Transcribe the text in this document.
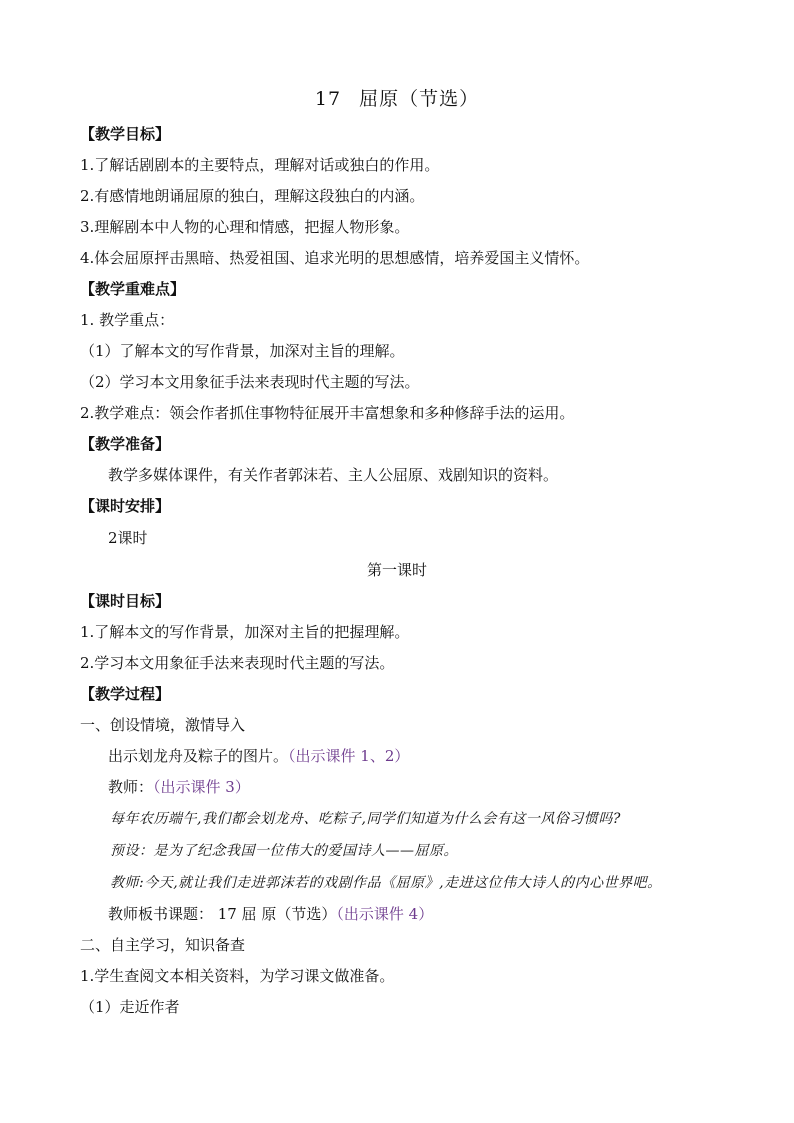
17 屈原（节选）
【教学目标】
1.了解话剧剧本的主要特点，理解对话或独白的作用。
2.有感情地朗诵屈原的独白，理解这段独白的内涵。
3.理解剧本中人物的心理和情感，把握人物形象。
4.体会屈原抨击黑暗、热爱祖国、追求光明的思想感情，培养爱国主义情怀。
【教学重难点】
1. 教学重点：
（1）了解本文的写作背景，加深对主旨的理解。
（2）学习本文用象征手法来表现时代主题的写法。
2.教学难点：领会作者抓住事物特征展开丰富想象和多种修辞手法的运用。
【教学准备】
教学多媒体课件，有关作者郭沫若、主人公屈原、戏剧知识的资料。
【课时安排】
2课时
第一课时
【课时目标】
1.了解本文的写作背景，加深对主旨的把握理解。
2.学习本文用象征手法来表现时代主题的写法。
【教学过程】
一、创设情境，激情导入
出示划龙舟及粽子的图片。（出示课件 1、2）
教师：（出示课件 3）
每年农历端午,我们都会划龙舟、吃粽子,同学们知道为什么会有这一风俗习惯吗?
预设：是为了纪念我国一位伟大的爱国诗人——屈原。
教师:今天,就让我们走进郭沫若的戏剧作品《屈原》,走进这位伟大诗人的内心世界吧。
教师板书课题： 17 屈 原（节选）（出示课件 4）
二、自主学习，知识备查
1.学生查阅文本相关资料，为学习课文做准备。
（1）走近作者
